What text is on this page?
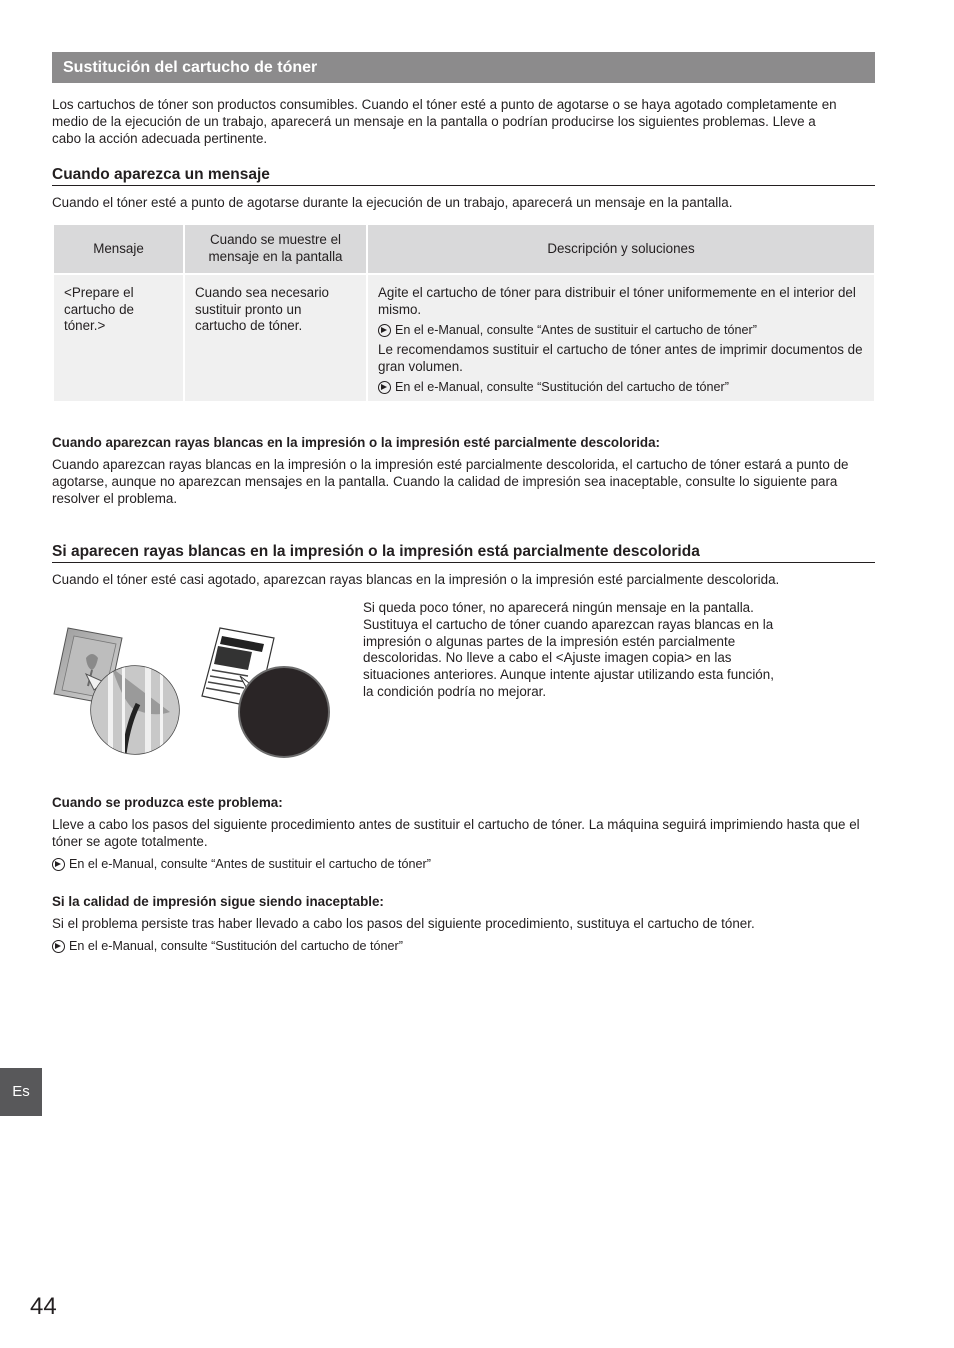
Sustitución del cartucho de tóner
Los cartuchos de tóner son productos consumibles. Cuando el tóner esté a punto de agotarse o se haya agotado completamente en medio de la ejecución de un trabajo, aparecerá un mensaje en la pantalla o podrían producirse los siguientes problemas. Lleve a cabo la acción adecuada pertinente.
Cuando aparezca un mensaje
Cuando el tóner esté a punto de agotarse durante la ejecución de un trabajo, aparecerá un mensaje en la pantalla.
Mensaje	Cuando se muestre el mensaje en la pantalla	Descripción y soluciones
<Prepare el cartucho de tóner.>	Cuando sea necesario sustituir pronto un cartucho de tóner.	Agite el cartucho de tóner para distribuir el tóner uniformemente en el interior del mismo.
En el e-Manual, consulte “Antes de sustituir el cartucho de tóner”
Le recomendamos sustituir el cartucho de tóner antes de imprimir documentos de gran volumen.
En el e-Manual, consulte “Sustitución del cartucho de tóner”
Cuando aparezcan rayas blancas en la impresión o la impresión esté parcialmente descolorida:
Cuando aparezcan rayas blancas en la impresión o la impresión esté parcialmente descolorida, el cartucho de tóner estará a punto de agotarse, aunque no aparezcan mensajes en la pantalla. Cuando la calidad de impresión sea inaceptable, consulte lo siguiente para resolver el problema.
Si aparecen rayas blancas en la impresión o la impresión está parcialmente descolorida
Cuando el tóner esté casi agotado, aparezcan rayas blancas en la impresión o la impresión esté parcialmente descolorida.
Si queda poco tóner, no aparecerá ningún mensaje en la pantalla. Sustituya el cartucho de tóner cuando aparezcan rayas blancas en la impresión o algunas partes de la impresión estén parcialmente descoloridas. No lleve a cabo el <Ajuste imagen copia> en las situaciones anteriores. Aunque intente ajustar utilizando esta función, la condición podría no mejorar.
Cuando se produzca este problema:
Lleve a cabo los pasos del siguiente procedimiento antes de sustituir el cartucho de tóner. La máquina seguirá imprimiendo hasta que el tóner se agote totalmente.
En el e-Manual, consulte “Antes de sustituir el cartucho de tóner”
Si la calidad de impresión sigue siendo inaceptable:
Si el problema persiste tras haber llevado a cabo los pasos del siguiente procedimiento, sustituya el cartucho de tóner.
En el e-Manual, consulte “Sustitución del cartucho de tóner”
Es
44
